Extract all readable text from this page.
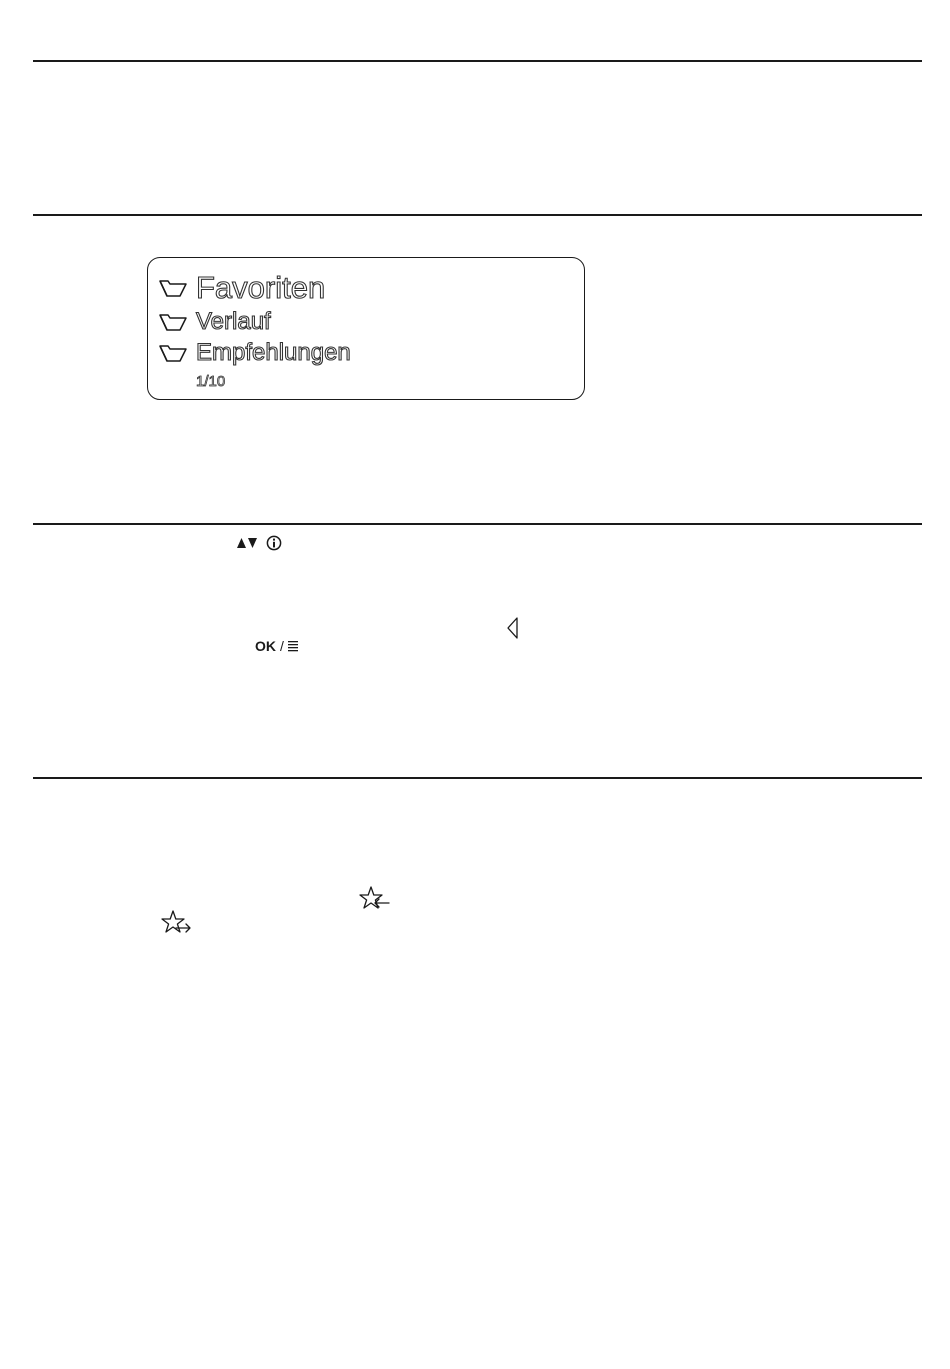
Favoriten
Verlauf
Empfehlungen
1/10
OK /
